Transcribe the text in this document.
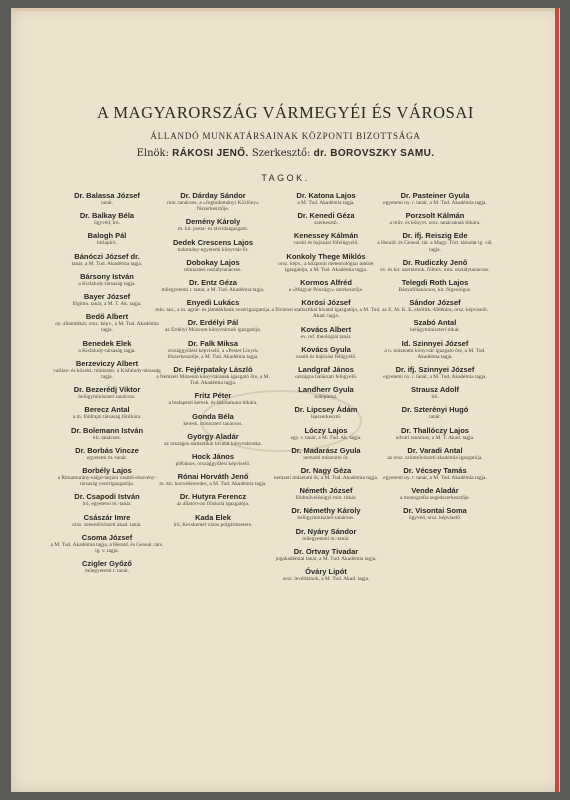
A MAGYARORSZÁG VÁRMEGYÉI ÉS VÁROSAI
ÁLLANDÓ MUNKATÁRSAINAK KÖZPONTI BIZOTTSÁGA
Elnök: RÁKOSI JENŐ. Szerkesztő: dr. BOROVSZKY SAMU.
TAGOK.
Dr. Balassa József
tanár.
Dr. Balkay Béla
ügyvéd, író.
Balogh Pál
hírlapíró.
Bánóczi József dr.
tanár, a M. Tud. Akadémia tagja.
Bársony István
a Kisfaludy-társaság tagja.
Bayer József
főgimn. tanár, a M. T. Ak. tagja.
Bedő Albert
ny. államtitkár, orsz. képv., a M. Tud. Akadémia tagja.
Benedek Elek
a Kisfaludy-társaság tagja.
Berzeviczy Albert
valláss- és közokt. miniszter, a Kisfaludy-társaság tagja.
Dr. Bezerédj Viktor
belügyminiszteri tanácsos.
Berecz Antal
a m. földrajzi társaság főtitkára.
Dr. Bolemann István
kir. tanácsos.
Dr. Borbás Vincze
egyetemi m.-tanár.
Borbély Lajos
a Rimamurány-salgó-tarjáni vasmű-részvény-társaság vezérigazgatója.
Dr. Csapodi István
író, egyetemi m.-tanár.
Császár Imre
orsz. zeneművészeti akad. tanár.
Csoma József
a M. Tud. Akadémia tagja, a Herald. és Geneal. társ. ig. v. tagja.
Czigler Győző
műegyetemi r. tanár.
Dr. Dárday Sándor
min. tanácsos, a »Jogtudományi Közlöny« főszerkesztője.
Demény Károly
m. kir. posta- és távirdaigazgató.
Dedek Crescens Lajos
tudomány-egyetemi könyvtár-őr.
Dobokay Lajos
miniszteri osztálytanácsos.
Dr. Entz Géza
műegyetemi r. tanár, a M. Tud. Akadémia tagja.
Enyedi Lukács
min. tan., a m. agrár- és jámdékbank vezérigazgatója.
Dr. Erdélyi Pál
az Erdélyi Múzeum könyvtárnok igazgatója.
Dr. Falk Miksa
országgyűlési képviselő, a »Pester Lloyd« főszerkesztője, a M. Tud. Akadémia tagja.
Dr. Fejérpataky László
a Nemzeti Múzeum könyvtárának igazgató őre, a M. Tud. Akadémia tagja.
Fritz Péter
a budapesti keresk. és iparkamara titkára.
Gonda Béla
keresk. miniszteri tanácsos.
György Aladár
az országos statisztikai hivatal könyvtárnoka.
Hock János
plébános, országgyűlési képviselő.
Rónai Horváth Jenő
m. kir. honvédezredes, a M. Tud. Akadémia tagja.
Dr. Hutyra Ferencz
az állatorvosi főiskola igazgatója.
Kada Elek
író, Kecskemét város polgármestere.
Dr. Katona Lajos
a M. Tud. Akadémia tagja.
Dr. Kenedi Géza
szerkesztő.
Kenessey Kálmán
vasúti és hajózási főfelügyelő.
Konkoly Thege Miklós
orsz. képv., a központi meteorológiai intézet igazgatója, a M. Tud. Akadémia tagja.
Kormos Alfréd
a »Magyar Pénzügy« szerkesztője.
Körösi József
a fővárosi statisztikai hivatal igazgatója, a M. Tud. Akad. tagja.
Kovács Albert
ev. ref. theologiai tanár.
Kovács Gyula
vasúti és hajózási felügyelő.
Landgraf János
országos halászati felügyelő.
Landherr Gyula
műépítész.
Dr. Lipcsey Ádám
lapszerkesztő.
Lóczy Lajos
egy. r. tanár, a M. Tud. Ak. tagja.
Dr. Madarász Gyula
nemzeti múzeumi őr.
Dr. Nagy Géza
nemzeti múzeumi őr, a M. Tud. Akadémia tagja.
Németh József
földművelésügyi min. titkár.
Dr. Némethy Károly
belügyminiszteri tanácsos.
Dr. Nyáry Sándor
műegyetemi m.-tanár.
Dr. Ortvay Tivadar
jogakadémiai tanár, a M. Tud. Akadémia tagja.
Óváry Lipót
orsz. levéltárnok, a M. Tud. Akad. tagja.
Dr. Pasteiner Gyula
egyetemi ny. r. tanár, a M. Tud. Akadémia tagja.
Porzsolt Kálmán
a műv. és könyvt. orsz. tanácsának titkára.
Dr. ifj. Reiszig Ede
a Herald. és Geneal. tár. a Magy. Tört. társulat ig. vál. tagja.
Dr. Rudiczky Jenő
ev. és kir. szertárnok, fölmív. min. osztálytanácsos.
Telegdi Roth Lajos
Bányafőtanácsos, kir. főgeológus.
Sándor József
az E. M. K. E. elsőtitk.-főtitkára, orsz. képviselő.
Szabó Antal
belügyminiszteri titkár.
Id. Szinnyei József
a n. múzeumi könyvtár igazgató őre, a M. Tud. Akadémia tagja.
Dr. ifj. Szinnyei József
egyetemi ny. r. tanár, a M. Tud. Akadémia tagja.
Strausz Adolf
író.
Dr. Szterényi Hugó
tanár.
Dr. Thallóczy Lajos
udvari tanácsos, a M. T. Akad. tagja.
Dr. Varadi Antal
az orsz. színművészeti akadémia igazgatója.
Dr. Vécsey Tamás
egyetemi ny. r. tanár, a M. Tud. Akadémia tagja.
Vende Aladár
a monografia segédszerkesztője.
Dr. Visontai Soma
ügyvéd, orsz. képviselő.
